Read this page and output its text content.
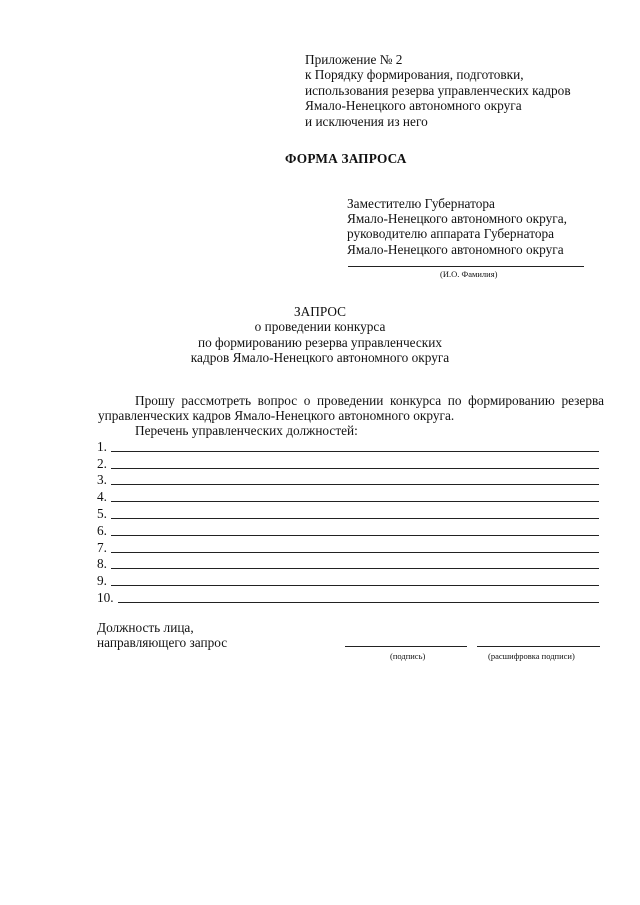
Приложение № 2
к Порядку формирования, подготовки,
использования резерва управленческих кадров
Ямало-Ненецкого автономного округа
и исключения из него
ФОРМА ЗАПРОСА
Заместителю Губернатора
Ямало-Ненецкого автономного округа,
руководителю аппарата Губернатора
Ямало-Ненецкого автономного округа
(И.О. Фамилия)
ЗАПРОС
о проведении конкурса
по формированию резерва управленческих
кадров Ямало-Ненецкого автономного округа
Прошу рассмотреть вопрос о проведении конкурса по формированию резерва управленческих кадров Ямало-Ненецкого автономного округа.
Перечень управленческих должностей:
1.
2.
3.
4.
5.
6.
7.
8.
9.
10.
Должность лица,
направляющего запрос
(подпись)	(расшифровка подписи)
